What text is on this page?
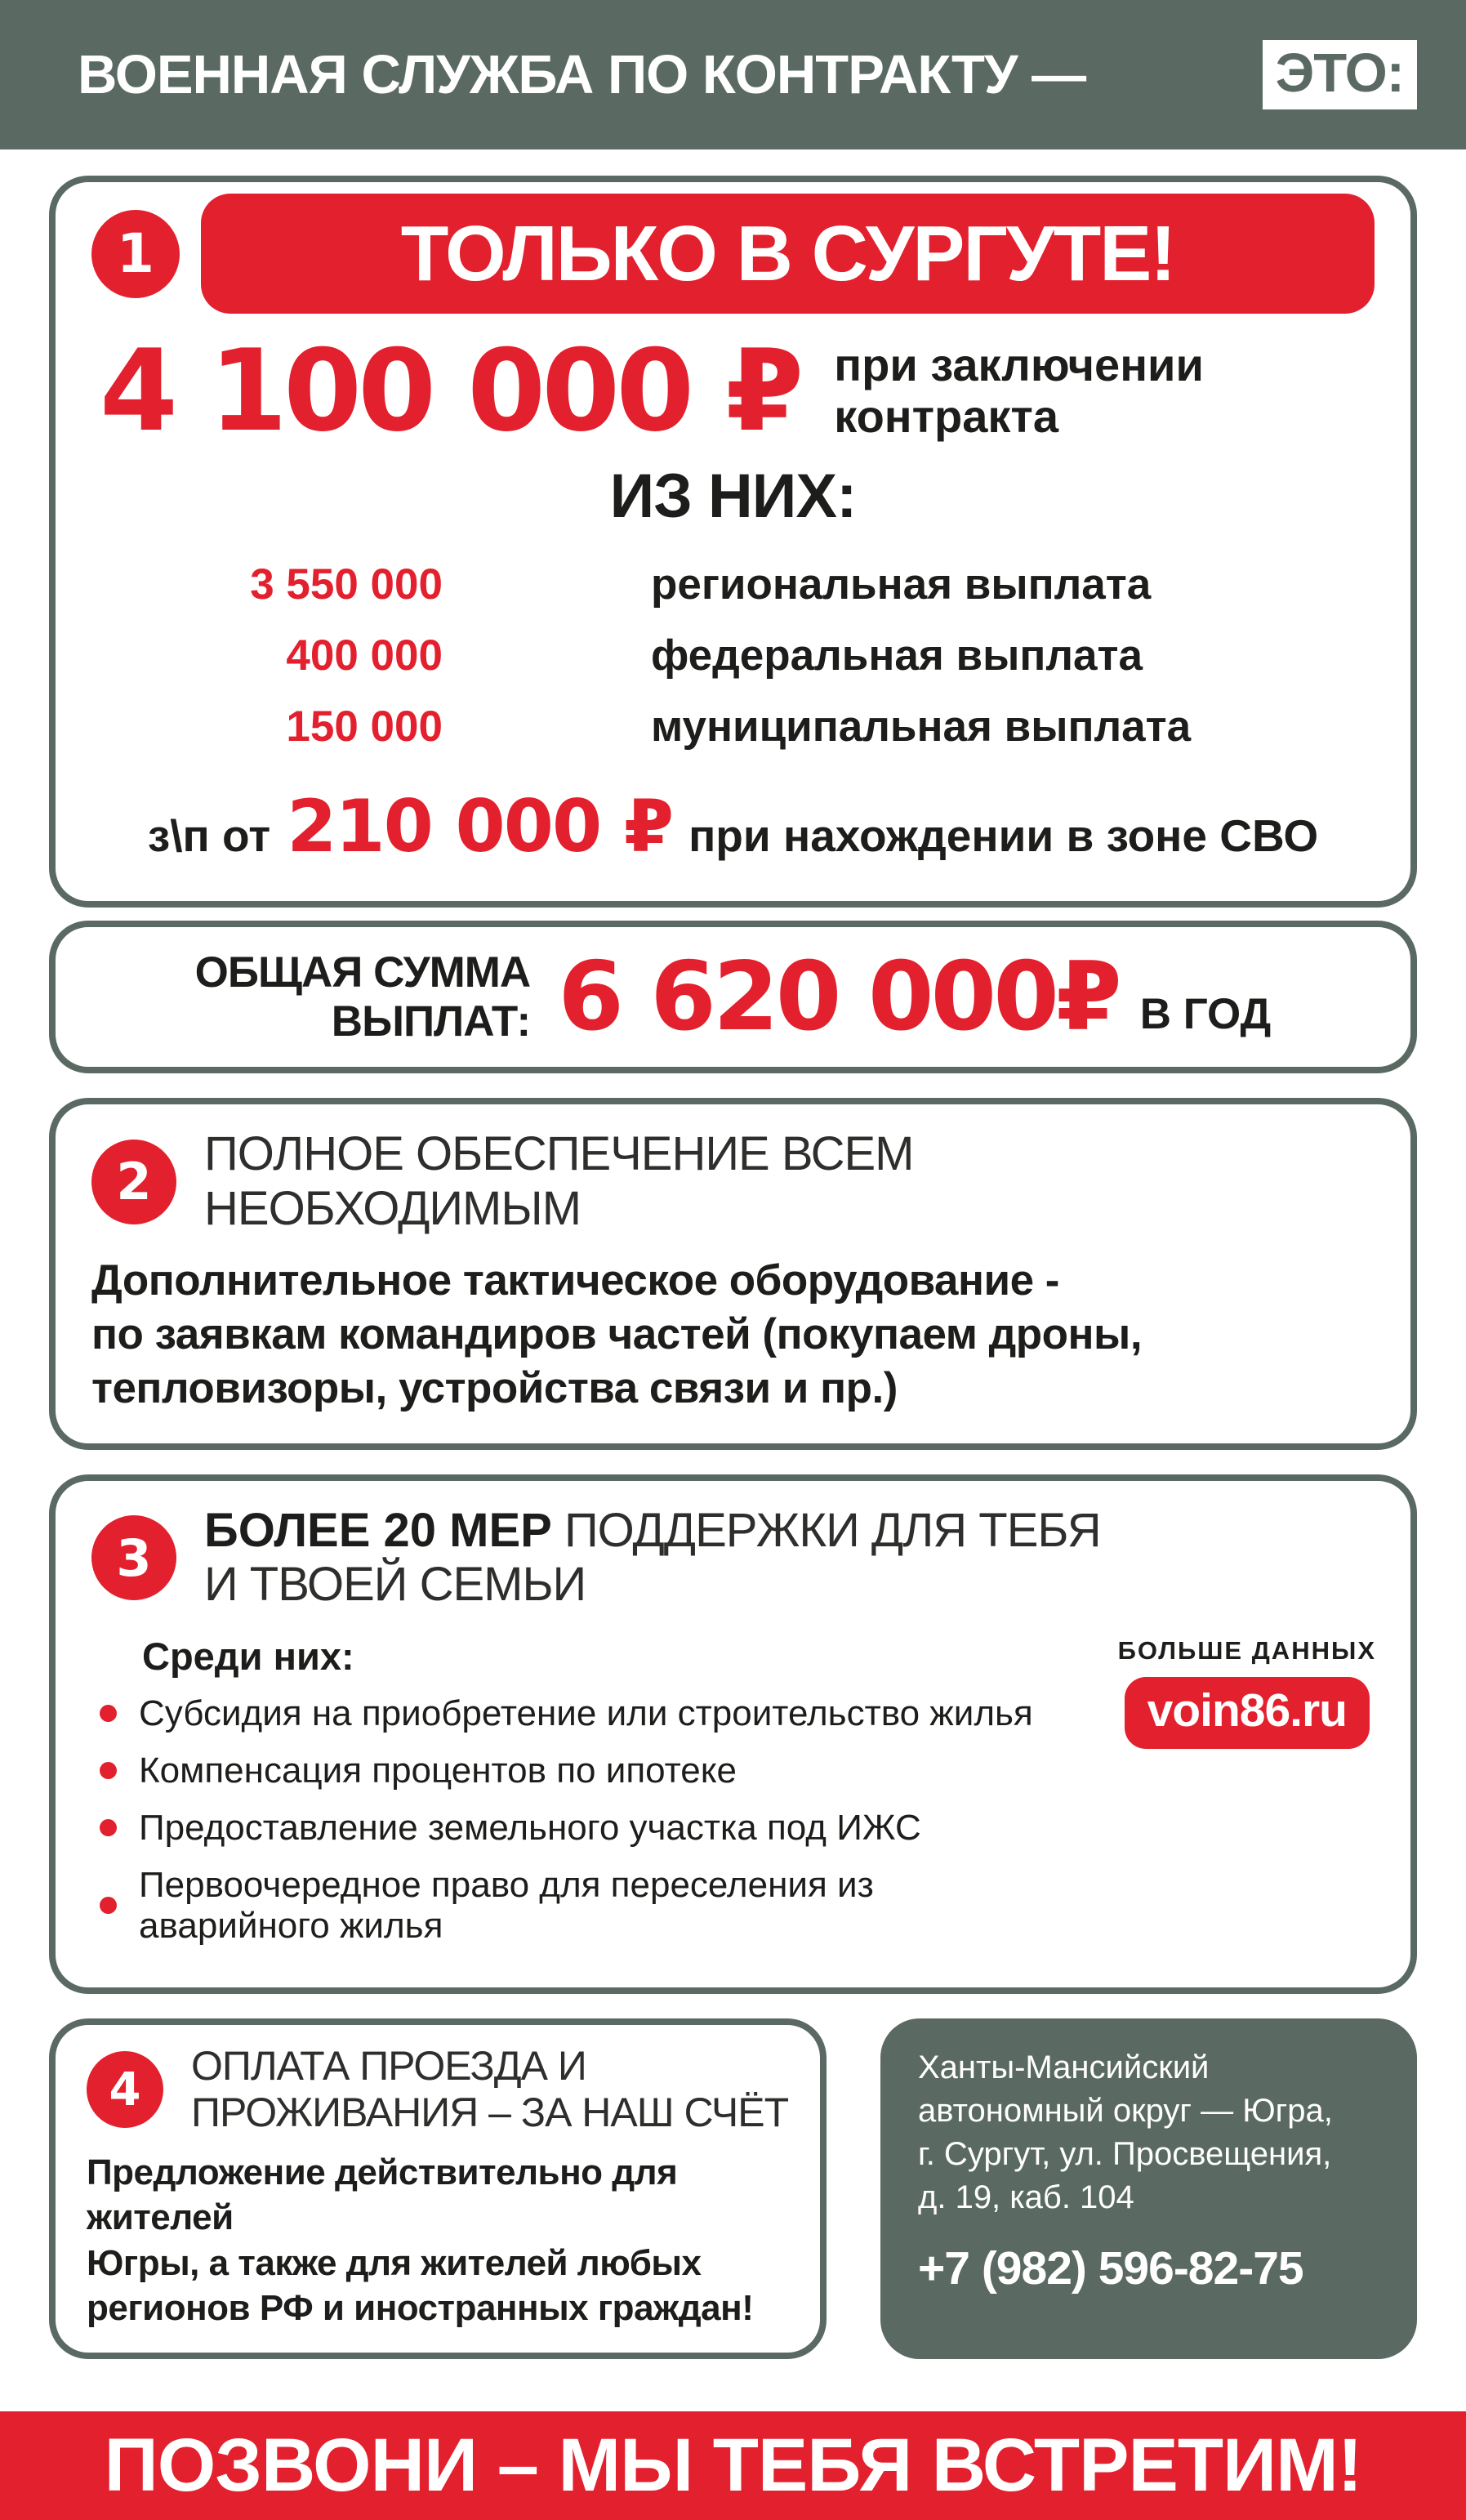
ВОЕННАЯ СЛУЖБА ПО КОНТРАКТУ —	ЭТО:
1	ТОЛЬКО В СУРГУТЕ!
4 100 000 ₽ при заключении
контракта
ИЗ НИХ:
3 550 000	региональная выплата
400 000	федеральная выплата
150 000	муниципальная выплата
з\п от 210 000 ₽ при нахождении в зоне СВО
ОБЩАЯ СУММА
ВЫПЛАТ: 6 620 000₽ В ГОД
2	ПОЛНОЕ ОБЕСПЕЧЕНИЕ ВСЕМ
НЕОБХОДИМЫМ
Дополнительное тактическое оборудование -
по заявкам командиров частей (покупаем дроны,
тепловизоры, устройства связи и пр.)
3	БОЛЕЕ 20 МЕР ПОДДЕРЖКИ ДЛЯ ТЕБЯ
И ТВОЕЙ СЕМЬИ
Среди них:
Субсидия на приобретение или строительство жилья
Компенсация процентов по ипотеке
Предоставление земельного участка под ИЖС
Первоочередное право для переселения из аварийного жилья
БОЛЬШЕ ДАННЫХ
voin86.ru
4	ОПЛАТА ПРОЕЗДА И
ПРОЖИВАНИЯ – ЗА НАШ СЧЁТ
Предложение действительно для жителей
Югры, а также для жителей любых
регионов РФ и иностранных граждан!
Ханты-Мансийский
автономный округ — Югра,
г. Сургут, ул. Просвещения,
д. 19, каб. 104
+7 (982) 596-82-75
ПОЗВОНИ – МЫ ТЕБЯ ВСТРЕТИМ!
